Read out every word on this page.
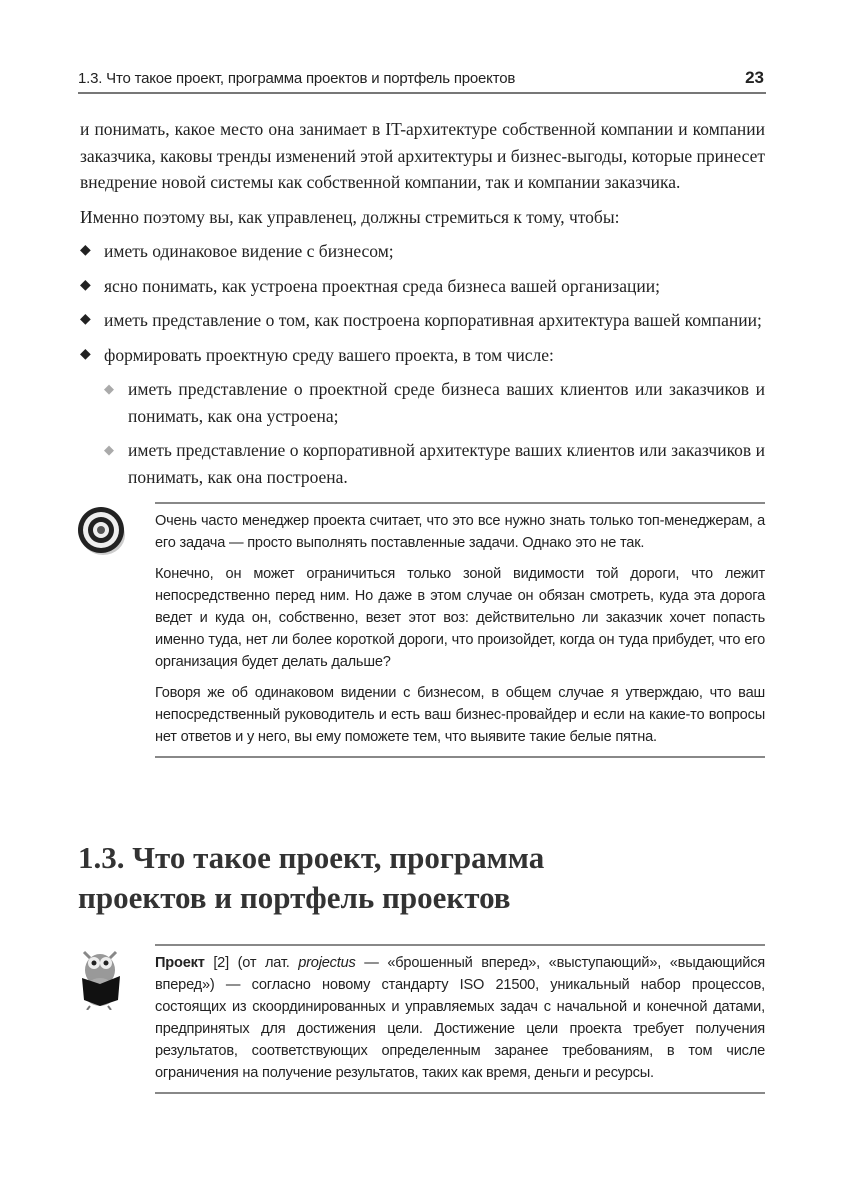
1.3. Что такое проект, программа проектов и портфель проектов	23

и понимать, какое место она занимает в IT-архитектуре собственной компании и компании заказчика, каковы тренды изменений этой архитектуры и бизнес-выгоды, которые принесет внедрение новой системы как собственной компании, так и компании заказчика.

Именно поэтому вы, как управленец, должны стремиться к тому, чтобы:

◆ иметь одинаковое видение с бизнесом;
◆ ясно понимать, как устроена проектная среда бизнеса вашей организации;
◆ иметь представление о том, как построена корпоративная архитектура вашей компании;
◆ формировать проектную среду вашего проекта, в том числе:
◆ иметь представление о проектной среде бизнеса ваших клиентов или заказчиков и понимать, как она устроена;
◆ иметь представление о корпоративной архитектуре ваших клиентов или заказчиков и понимать, как она построена.

Очень часто менеджер проекта считает, что это все нужно знать только топ-менеджерам, а его задача — просто выполнять поставленные задачи. Однако это не так.

Конечно, он может ограничиться только зоной видимости той дороги, что лежит непосредственно перед ним. Но даже в этом случае он обязан смотреть, куда эта дорога ведет и куда он, собственно, везет этот воз: действительно ли заказчик хочет попасть именно туда, нет ли более короткой дороги, что произойдет, когда он туда прибудет, что его организация будет делать дальше?

Говоря же об одинаковом видении с бизнесом, в общем случае я утверждаю, что ваш непосредственный руководитель и есть ваш бизнес-провайдер и если на какие-то вопросы нет ответов и у него, вы ему поможете тем, что выявите такие белые пятна.

1.3. Что такое проект, программа
проектов и портфель проектов

Проект [2] (от лат. projectus — «брошенный вперед», «выступающий», «выдающийся вперед») — согласно новому стандарту ISO 21500, уникальный набор процессов, состоящих из скоординированных и управляемых задач с начальной и конечной датами, предпринятых для достижения цели. Достижение цели проекта требует получения результатов, соответствующих определенным заранее требованиям, в том числе ограничения на получение результатов, таких как время, деньги и ресурсы.
